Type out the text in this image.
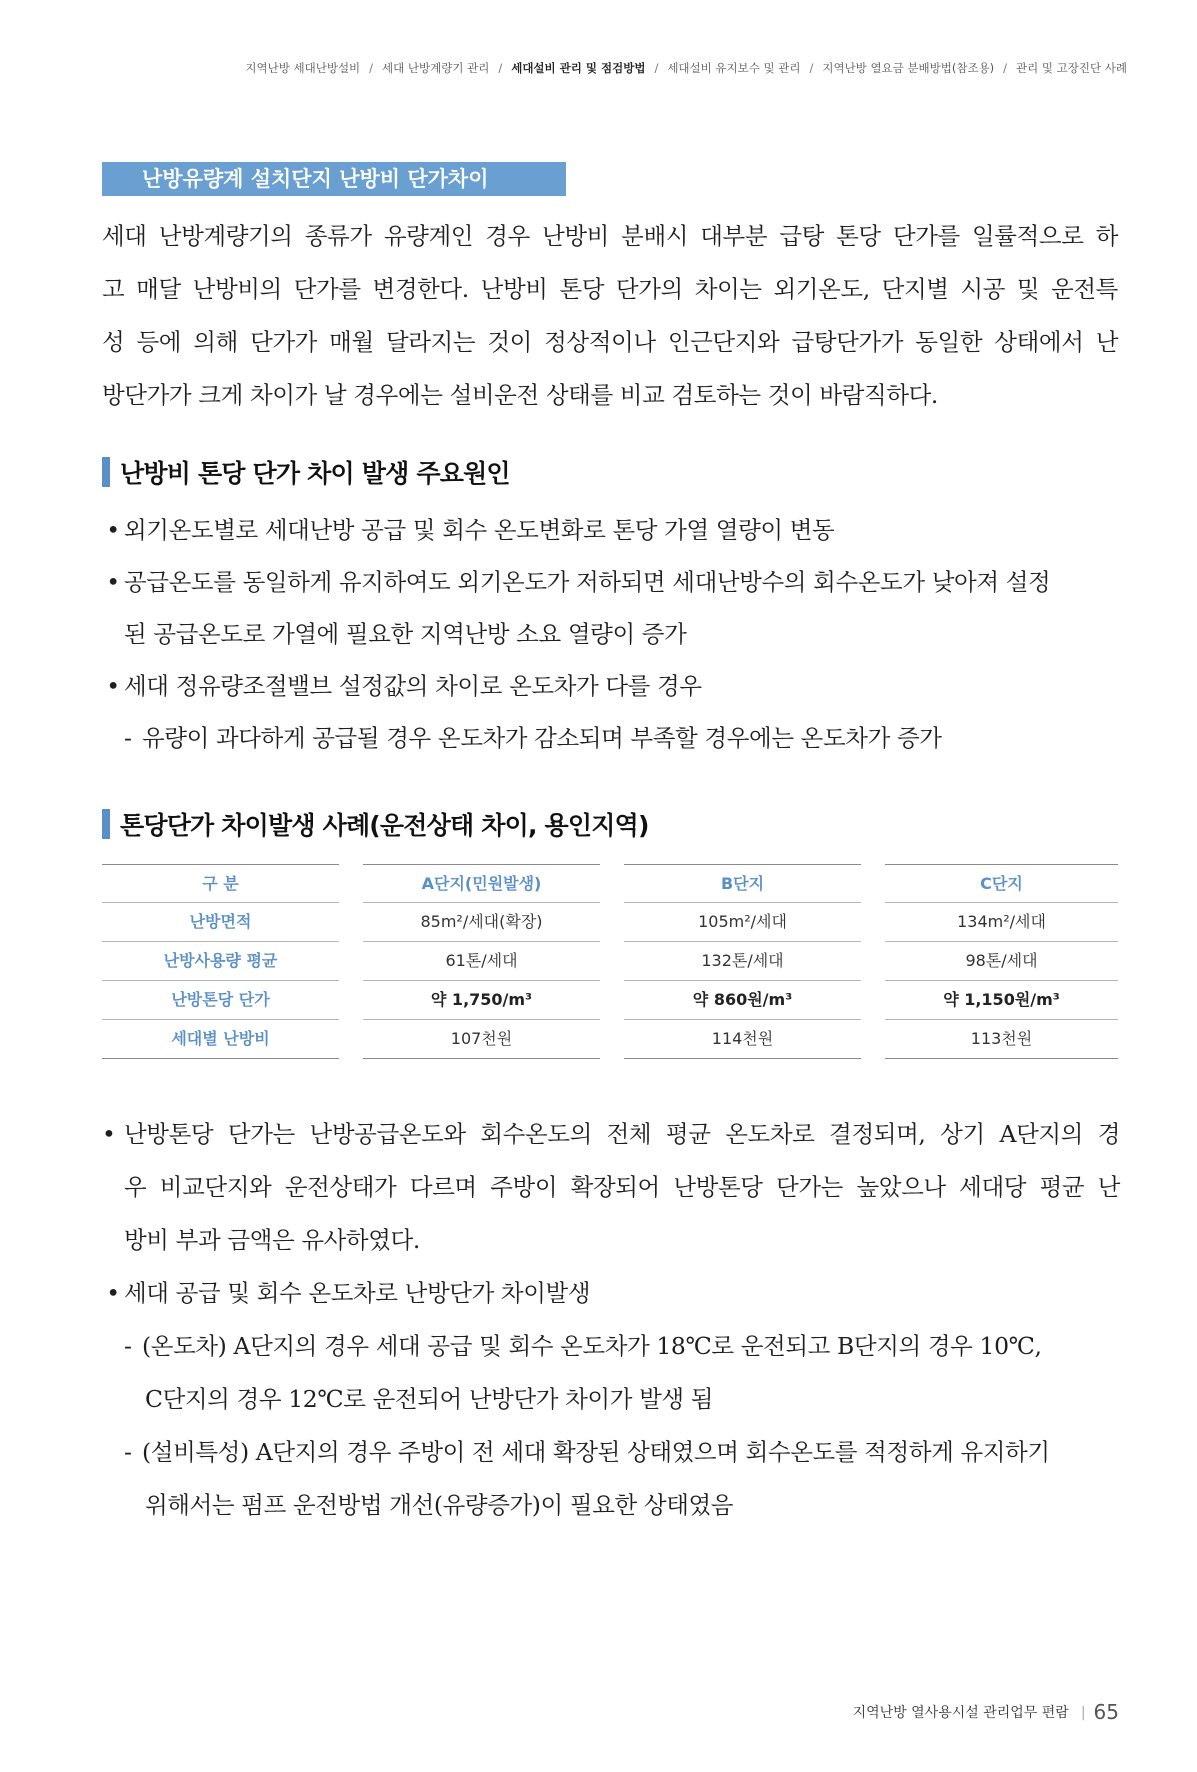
지역난방 세대난방설비 / 세대 난방계량기 관리 / 세대설비 관리 및 점검방법 / 세대설비 유지보수 및 관리 / 지역난방 열요금 분배방법(참조용) / 관리 및 고장진단 사례
난방유량계 설치단지 난방비 단가차이
세대 난방계량기의 종류가 유량계인 경우 난방비 분배시 대부분 급탕 톤당 단가를 일률적으로 하
고 매달 난방비의 단가를 변경한다. 난방비 톤당 단가의 차이는 외기온도, 단지별 시공 및 운전특
성 등에 의해 단가가 매월 달라지는 것이 정상적이나 인근단지와 급탕단가가 동일한 상태에서 난
방단가가 크게 차이가 날 경우에는 설비운전 상태를 비교 검토하는 것이 바람직하다.
난방비 톤당 단가 차이 발생 주요원인
• 외기온도별로 세대난방 공급 및 회수 온도변화로 톤당 가열 열량이 변동
• 공급온도를 동일하게 유지하여도 외기온도가 저하되면 세대난방수의 회수온도가 낮아져 설정
된 공급온도로 가열에 필요한 지역난방 소요 열량이 증가
• 세대 정유량조절밸브 설정값의 차이로 온도차가 다를 경우
- 유량이 과다하게 공급될 경우 온도차가 감소되며 부족할 경우에는 온도차가 증가
톤당단가 차이발생 사례(운전상태 차이, 용인지역)
구 분	A단지(민원발생)	B단지	C단지
난방면적	85m²/세대(확장)	105m²/세대	134m²/세대
난방사용량 평균	61톤/세대	132톤/세대	98톤/세대
난방톤당 단가	약 1,750/m³	약 860원/m³	약 1,150원/m³
세대별 난방비	107천원	114천원	113천원
• 난방톤당 단가는 난방공급온도와 회수온도의 전체 평균 온도차로 결정되며, 상기 A단지의 경
우 비교단지와 운전상태가 다르며 주방이 확장되어 난방톤당 단가는 높았으나 세대당 평균 난
방비 부과 금액은 유사하였다.
• 세대 공급 및 회수 온도차로 난방단가 차이발생
- (온도차) A단지의 경우 세대 공급 및 회수 온도차가 18℃로 운전되고 B단지의 경우 10℃,
C단지의 경우 12℃로 운전되어 난방단가 차이가 발생 됨
- (설비특성) A단지의 경우 주방이 전 세대 확장된 상태였으며 회수온도를 적정하게 유지하기
위해서는 펌프 운전방법 개선(유량증가)이 필요한 상태였음
지역난방 열사용시설 관리업무 편람 | 65
